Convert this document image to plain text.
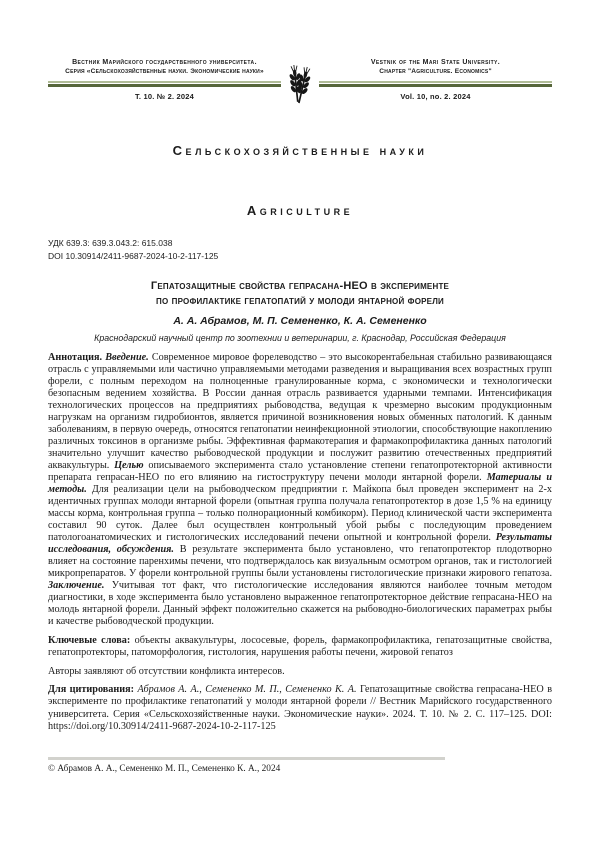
Вестник Марийского государственного университета.
Серия «Сельскохозяйственные науки. Экономические науки»
Т. 10. № 2. 2024
Vestnik of the Mari State University.
Chapter "Agriculture. Economics"
Vol. 10, no. 2. 2024
Сельскохозяйственные науки
Agriculture
УДК 639.3: 639.3.043.2: 615.038
DOI 10.30914/2411-9687-2024-10-2-117-125
Гепатозащитные свойства гепрасана-НЕО в эксперименте
по профилактике гепатопатий у молоди янтарной форели
А. А. Абрамов, М. П. Семененко, К. А. Семененко
Краснодарский научный центр по зоотехнии и ветеринарии, г. Краснодар, Российская Федерация

Аннотация. Введение. Современное мировое форелеводство – это высокорентабельная стабильно развивающаяся отрасль с управляемыми или частично управляемыми методами разведения и выращивания всех возрастных групп форели, с полным переходом на полноценные гранулированные корма, с экономически и технологически безопасным ведением хозяйства. В России данная отрасль развивается ударными темпами. Интенсификация технологических процессов на предприятиях рыбоводства, ведущая к чрезмерно высоким продукционным нагрузкам на организм гидробионтов, является причиной возникновения новых обменных патологий. К данным заболеваниям, в первую очередь, относятся гепатопатии неинфекционной этиологии, способствующие накоплению различных токсинов в организме рыбы. Эффективная фармакотерапия и фармакопрофилактика данных патологий значительно улучшит качество рыбоводческой продукции и послужит развитию отечественных предприятий аквакультуры. Целью описываемого эксперимента стало установление степени гепатопротекторной активности препарата гепрасан-НЕО по его влиянию на гистоструктуру печени молоди янтарной форели. Материалы и методы. Для реализации цели на рыбоводческом предприятии г. Майкопа был проведен эксперимент на 2-х идентичных группах молоди янтарной форели (опытная группа получала гепатопротектор в дозе 1,5 % на единицу массы корма, контрольная группа – только полнорационный комбикорм). Период клинической части эксперимента составил 90 суток. Далее был осуществлен контрольный убой рыбы с последующим проведением патологоанатомических и гистологических исследований печени опытной и контрольной форели. Результаты исследования, обсуждения. В результате эксперимента было установлено, что гепатопротектор плодотворно влияет на состояние паренхимы печени, что подтверждалось как визуальным осмотром органов, так и гистологией микропрепаратов. У форели контрольной группы были установлены гистологические признаки жирового гепатоза. Заключение. Учитывая тот факт, что гистологические исследования являются наиболее точным методом диагностики, в ходе эксперимента было установлено выраженное гепатопротекторное действие гепрасана-НЕО на молодь янтарной форели. Данный эффект положительно скажется на рыбоводно-биологических параметрах рыбы и качестве рыбоводческой продукции.

Ключевые слова: объекты аквакультуры, лососевые, форель, фармакопрофилактика, гепатозащитные свойства, гепатопротекторы, патоморфология, гистология, нарушения работы печени, жировой гепатоз

Авторы заявляют об отсутствии конфликта интересов.

Для цитирования: Абрамов А. А., Семененко М. П., Семененко К. А. Гепатозащитные свойства гепрасана-НЕО в эксперименте по профилактике гепатопатий у молоди янтарной форели // Вестник Марийского государственного университета. Серия «Сельскохозяйственные науки. Экономические науки». 2024. Т. 10. № 2. С. 117–125. DOI: https://doi.org/10.30914/2411-9687-2024-10-2-117-125

© Абрамов А. А., Семененко М. П., Семененко К. А., 2024
